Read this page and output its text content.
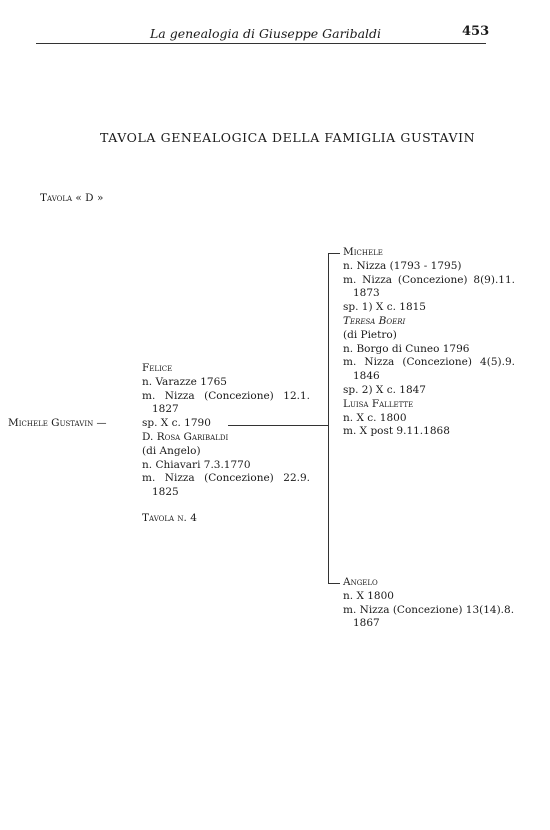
La genealogia di Giuseppe Garibaldi	453
TAVOLA GENEALOGICA DELLA FAMIGLIA GUSTAVIN
Tavola « D »
Michele Gustavin —
Felice
n. Varazze 1765
m. Nizza (Concezione) 12.1.
1827
sp. X c. 1790
D. Rosa Garibaldi
(di Angelo)
n. Chiavari 7.3.1770
m. Nizza (Concezione) 22.9.
1825
Tavola n. 4
Michele
n. Nizza (1793 - 1795)
m. Nizza (Concezione) 8(9).11.
1873
sp. 1) X c. 1815
Teresa Boeri
(di Pietro)
n. Borgo di Cuneo 1796
m. Nizza (Concezione) 4(5).9.
1846
sp. 2) X c. 1847
Luisa Fallette
n. X c. 1800
m. X post 9.11.1868
Angelo
n. X 1800
m. Nizza (Concezione) 13(14).8.
1867
